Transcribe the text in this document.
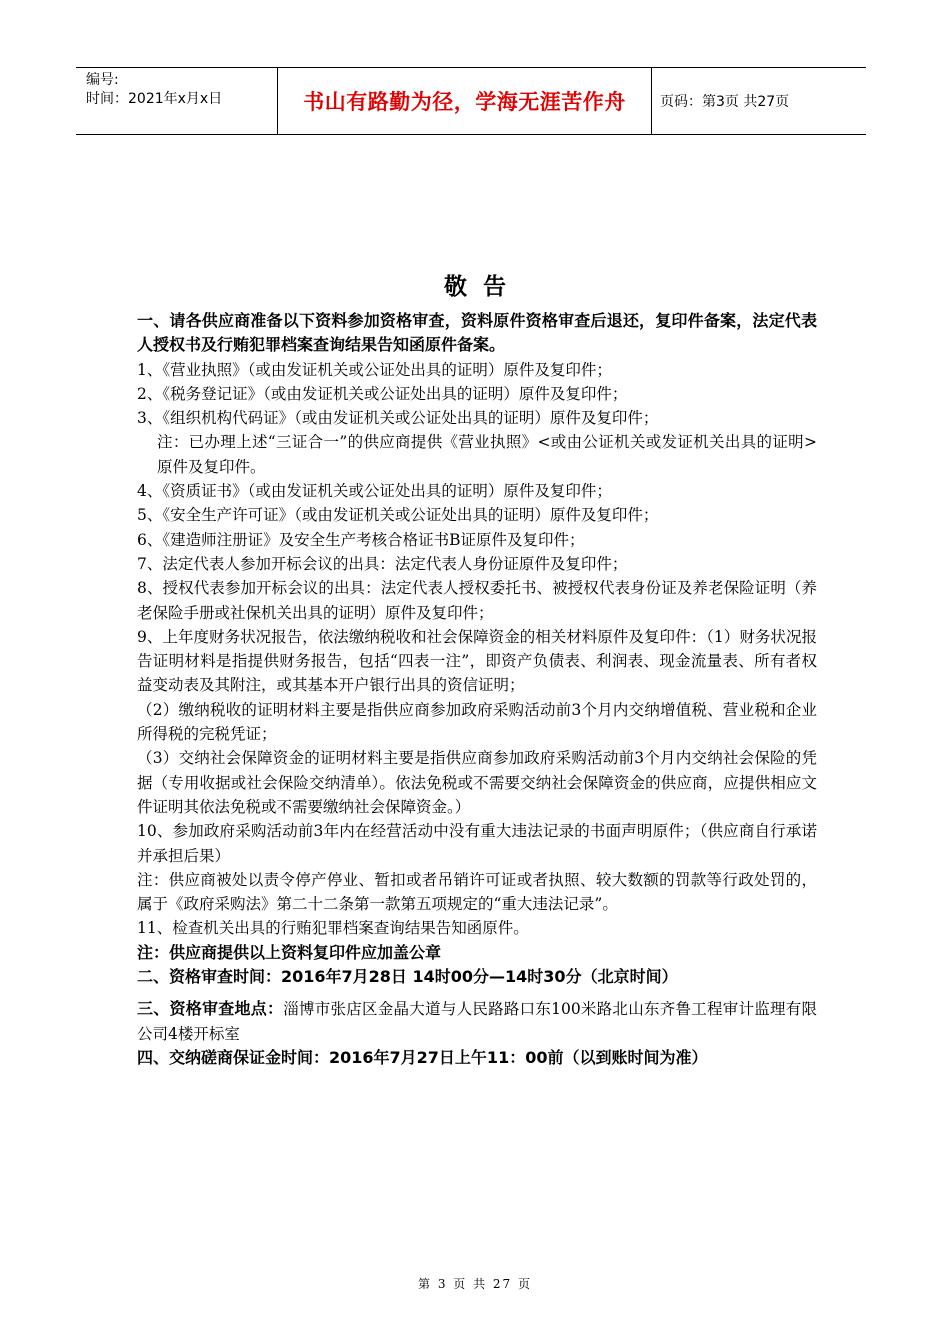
编号:
时间：2021年x月x日	书山有路勤为径，学海无涯苦作舟	页码：第3页 共27页
敬告

一、请各供应商准备以下资料参加资格审查，资料原件资格审查后退还，复印件备案，法定代表人授权书及行贿犯罪档案查询结果告知函原件备案。

1、《营业执照》（或由发证机关或公证处出具的证明）原件及复印件；

2、《税务登记证》（或由发证机关或公证处出具的证明）原件及复印件；

3、《组织机构代码证》（或由发证机关或公证处出具的证明）原件及复印件；

注：已办理上述“三证合一”的供应商提供《营业执照》<或由公证机关或发证机关出具的证明>原件及复印件。

4、《资质证书》（或由发证机关或公证处出具的证明）原件及复印件；

5、《安全生产许可证》（或由发证机关或公证处出具的证明）原件及复印件；

6、《建造师注册证》及安全生产考核合格证书B证原件及复印件；

7、法定代表人参加开标会议的出具：法定代表人身份证原件及复印件；

8、授权代表参加开标会议的出具：法定代表人授权委托书、被授权代表身份证及养老保险证明（养老保险手册或社保机关出具的证明）原件及复印件；

9、上年度财务状况报告，依法缴纳税收和社会保障资金的相关材料原件及复印件：（1）财务状况报告证明材料是指提供财务报告，包括“四表一注”，即资产负债表、利润表、现金流量表、所有者权益变动表及其附注，或其基本开户银行出具的资信证明；

（2）缴纳税收的证明材料主要是指供应商参加政府采购活动前3个月内交纳增值税、营业税和企业所得税的完税凭证；

（3）交纳社会保障资金的证明材料主要是指供应商参加政府采购活动前3个月内交纳社会保险的凭据（专用收据或社会保险交纳清单）。依法免税或不需要交纳社会保障资金的供应商，应提供相应文件证明其依法免税或不需要缴纳社会保障资金。）

10、参加政府采购活动前3年内在经营活动中没有重大违法记录的书面声明原件；（供应商自行承诺并承担后果）

注：供应商被处以责令停产停业、暂扣或者吊销许可证或者执照、较大数额的罚款等行政处罚的，属于《政府采购法》第二十二条第一款第五项规定的“重大违法记录”。

11、检查机关出具的行贿犯罪档案查询结果告知函原件。

注：供应商提供以上资料复印件应加盖公章

二、资格审查时间：2016年7月28日 14时00分—14时30分（北京时间）

三、资格审查地点：淄博市张店区金晶大道与人民路路口东100米路北山东齐鲁工程审计监理有限公司4楼开标室

四、交纳磋商保证金时间：2016年7月27日上午11：00前（以到账时间为准）

第 3 页 共 27 页
